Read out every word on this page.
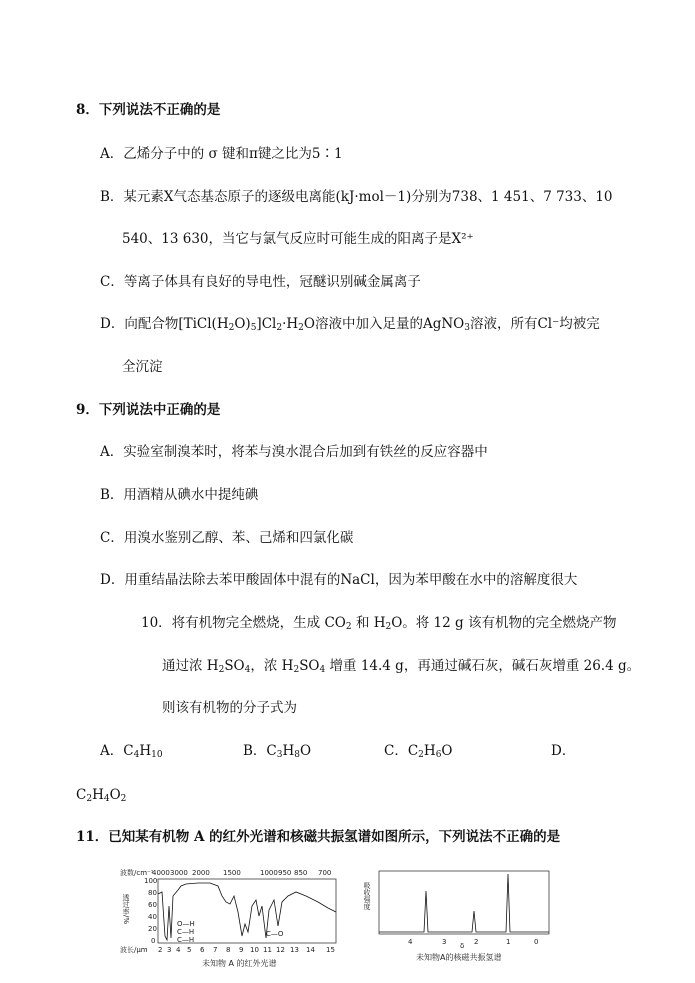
8．下列说法不正确的是
A．乙烯分子中的 σ 键和π键之比为5∶1
B．某元素X气态基态原子的逐级电离能(kJ·mol－1)分别为738、1 451、7 733、10
540、13 630，当它与氯气反应时可能生成的阳离子是X²⁺
C．等离子体具有良好的导电性，冠醚识别碱金属离子
D．向配合物$[TiCl(H_2O)_5]Cl_2\cdot H_2O$溶液中加入足量的AgNO$_3$溶液，所有Cl⁻均被完
全沉淀
9．下列说法中正确的是
A．实验室制溴苯时，将苯与溴水混合后加到有铁丝的反应容器中
B．用酒精从碘水中提纯碘
C．用溴水鉴别乙醇、苯、己烯和四氯化碳
D．用重结晶法除去苯甲酸固体中混有的NaCl，因为苯甲酸在水中的溶解度很大
10．将有机物完全燃烧，生成 $CO_2$ 和 $H_2O$。将 12 g 该有机物的完全燃烧产物
通过浓 $H_2SO_4$，浓 $H_2SO_4$ 增重 14.4 g，再通过碱石灰，碱石灰增重 26.4 g。
则该有机物的分子式为
A．$C_4H_{10}$	B．$C_3H_8O$	C．$C_2H_6O$	D．
$C_2H_4O_2$
11．已知某有机物 A 的红外光谱和核磁共振氢谱如图所示，下列说法不正确的是
波数/cm⁻¹
4000 3000 2000 1500	1000 950 850 700
100
80
60
40
20
0
透过率/%	O—H
C—H
C—H
C—O
波长/μm 2 3 4 5 6 7 8 9 10 11 12 13 14 15
未知物 A 的红外光谱
吸收强度
4	3	2	1	0
δ
未知物A的核磁共振氢谱
